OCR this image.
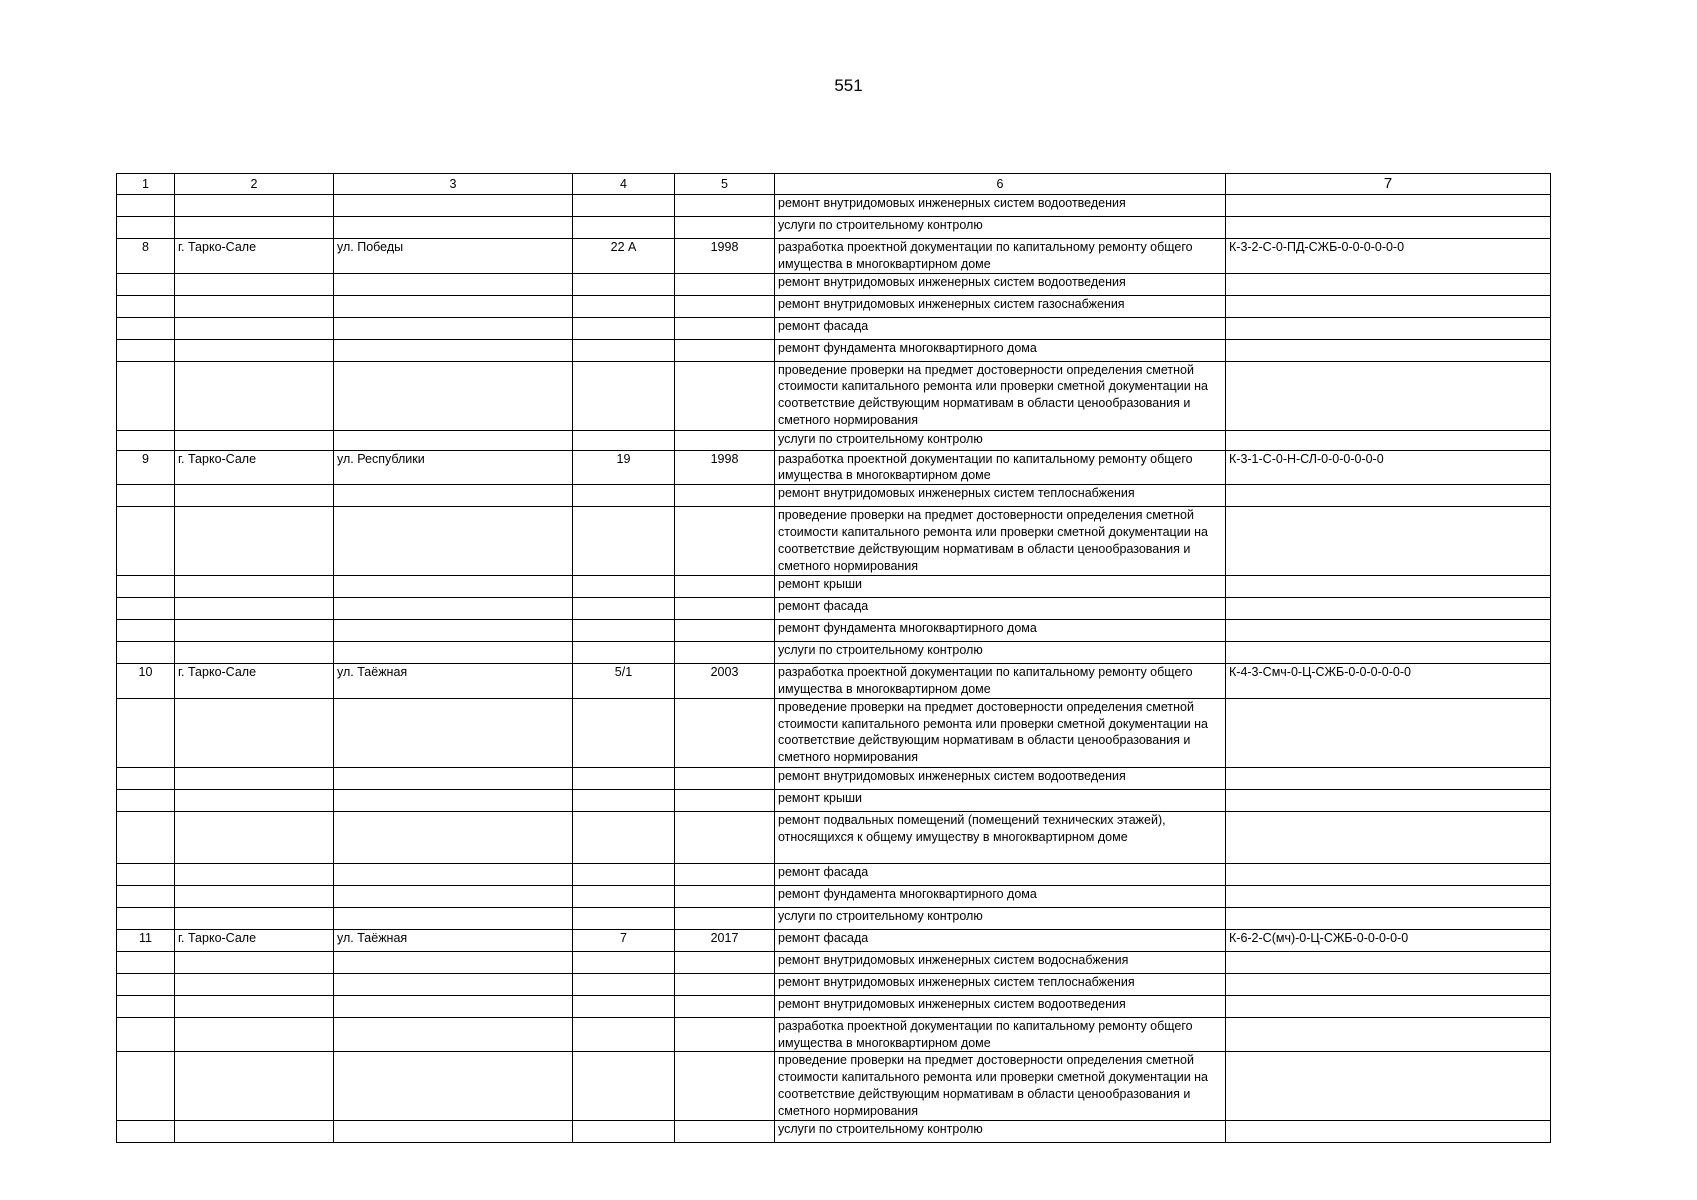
551
1	2	3	4	5	6	7
					ремонт внутридомовых инженерных систем водоотведения	
					услуги по строительному контролю	
8	г. Тарко-Сале	ул. Победы	22 А	1998	разработка проектной документации по капитальному ремонту общего имущества в многоквартирном доме	К-3-2-С-0-ПД-СЖБ-0-0-0-0-0-0
					ремонт внутридомовых инженерных систем водоотведения	
					ремонт внутридомовых инженерных систем газоснабжения	
					ремонт фасада	
					ремонт фундамента многоквартирного дома	
					проведение проверки на предмет достоверности определения сметной стоимости капитального ремонта или проверки сметной документации на соответствие действующим нормативам в области ценообразования и сметного нормирования	
					услуги по строительному контролю	
9	г. Тарко-Сале	ул. Республики	19	1998	разработка проектной документации по капитальному ремонту общего имущества в многоквартирном доме	К-3-1-С-0-Н-СЛ-0-0-0-0-0-0
					ремонт внутридомовых инженерных систем теплоснабжения	
					проведение проверки на предмет достоверности определения сметной стоимости капитального ремонта или проверки сметной документации на соответствие действующим нормативам в области ценообразования и сметного нормирования	
					ремонт крыши	
					ремонт фасада	
					ремонт фундамента многоквартирного дома	
					услуги по строительному контролю	
10	г. Тарко-Сале	ул. Таёжная	5/1	2003	разработка проектной документации по капитальному ремонту общего имущества в многоквартирном доме	К-4-3-Смч-0-Ц-СЖБ-0-0-0-0-0-0
					проведение проверки на предмет достоверности определения сметной стоимости капитального ремонта или проверки сметной документации на соответствие действующим нормативам в области ценообразования и сметного нормирования	
					ремонт внутридомовых инженерных систем водоотведения	
					ремонт крыши	
					ремонт подвальных помещений (помещений технических этажей), относящихся к общему имуществу в многоквартирном доме	
					ремонт фасада	
					ремонт фундамента многоквартирного дома	
					услуги по строительному контролю	
11	г. Тарко-Сале	ул. Таёжная	7	2017	ремонт фасада	К-6-2-С(мч)-0-Ц-СЖБ-0-0-0-0-0
					ремонт внутридомовых инженерных систем водоснабжения	
					ремонт внутридомовых инженерных систем теплоснабжения	
					ремонт внутридомовых инженерных систем водоотведения	
					разработка проектной документации по капитальному ремонту общего имущества в многоквартирном доме	
					проведение проверки на предмет достоверности определения сметной стоимости капитального ремонта или проверки сметной документации на соответствие действующим нормативам в области ценообразования и сметного нормирования	
					услуги по строительному контролю	
